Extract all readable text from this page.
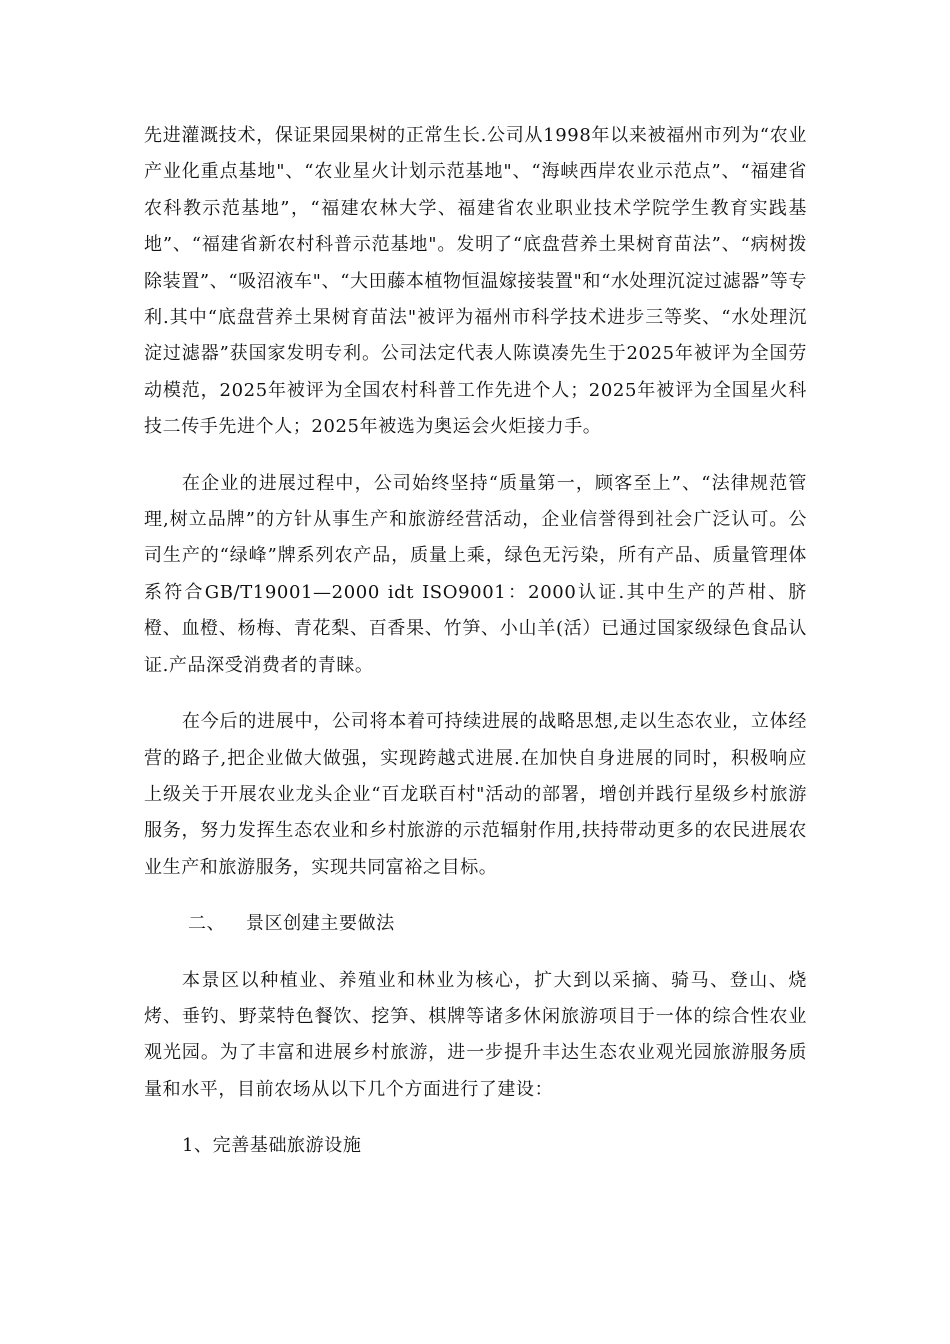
先进灌溉技术，保证果园果树的正常生长.公司从1998年以来被福州市列为“农业产业化重点基地"、“农业星火计划示范基地"、“海峡西岸农业示范点”、“福建省农科教示范基地”，“福建农林大学、福建省农业职业技术学院学生教育实践基地”、“福建省新农村科普示范基地"。发明了“底盘营养土果树育苗法”、“病树拨除装置”、“吸沼液车"、“大田藤本植物恒温嫁接装置"和“水处理沉淀过滤器”等专利.其中“底盘营养土果树育苗法"被评为福州市科学技术进步三等奖、“水处理沉淀过滤器”获国家发明专利。公司法定代表人陈谟凑先生于2025年被评为全国劳动模范，2025年被评为全国农村科普工作先进个人；2025年被评为全国星火科技二传手先进个人；2025年被选为奥运会火炬接力手。

在企业的进展过程中，公司始终坚持“质量第一，顾客至上”、“法律规范管理,树立品牌”的方针从事生产和旅游经营活动，企业信誉得到社会广泛认可。公司生产的“绿峰”牌系列农产品，质量上乘，绿色无污染，所有产品、质量管理体系符合GB/T19001—2000 idt ISO9001：2000认证.其中生产的芦柑、脐橙、血橙、杨梅、青花梨、百香果、竹笋、小山羊(活）已通过国家级绿色食品认证.产品深受消费者的青睐。

在今后的进展中，公司将本着可持续进展的战略思想,走以生态农业，立体经营的路子,把企业做大做强，实现跨越式进展.在加快自身进展的同时，积极响应上级关于开展农业龙头企业“百龙联百村"活动的部署，增创并践行星级乡村旅游服务，努力发挥生态农业和乡村旅游的示范辐射作用,扶持带动更多的农民进展农业生产和旅游服务，实现共同富裕之目标。

二、 景区创建主要做法

本景区以种植业、养殖业和林业为核心，扩大到以采摘、骑马、登山、烧烤、垂钓、野菜特色餐饮、挖笋、棋牌等诸多休闲旅游项目于一体的综合性农业观光园。为了丰富和进展乡村旅游，进一步提升丰达生态农业观光园旅游服务质量和水平，目前农场从以下几个方面进行了建设：

1、完善基础旅游设施
